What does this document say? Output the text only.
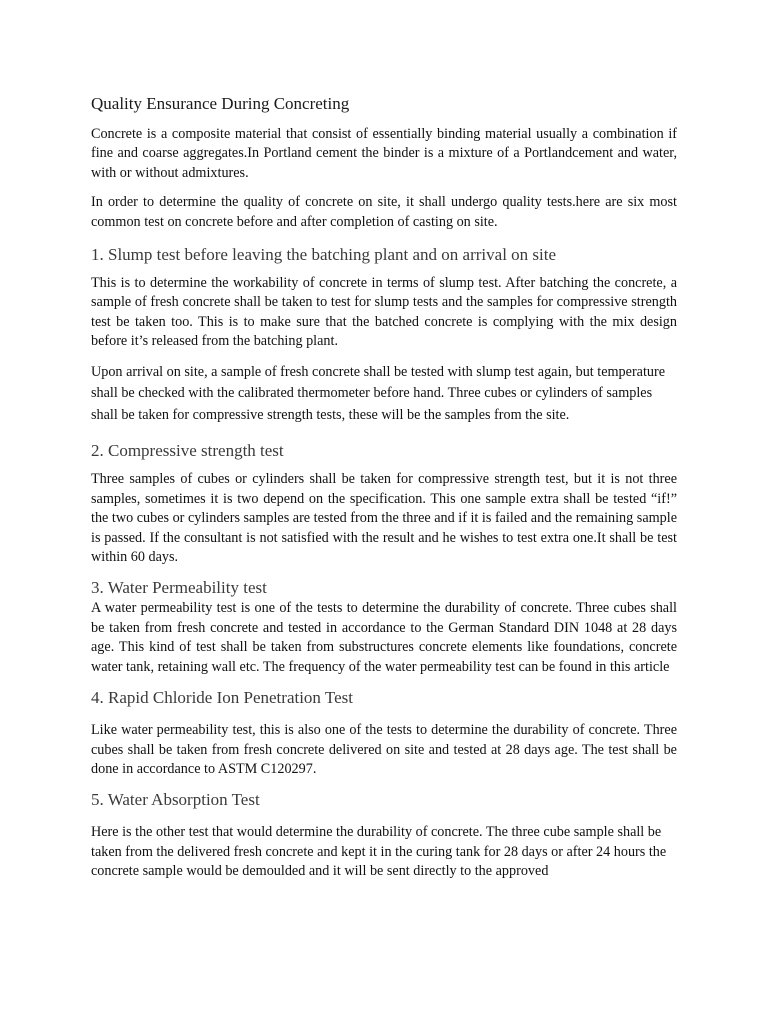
Quality Ensurance During Concreting

Concrete is a composite material that consist of essentially binding material usually a combination if fine and coarse aggregates.In Portland cement the binder is a mixture of a Portlandcement and water, with or without admixtures.

In order to determine the quality of concrete on site, it shall undergo quality tests.here are six most common test on concrete before and after completion of casting on site.

1. Slump test before leaving the batching plant and on arrival on site

This is to determine the workability of concrete in terms of slump test. After batching the concrete, a sample of fresh concrete shall be taken to test for slump tests and the samples for compressive strength test be taken too. This is to make sure that the batched concrete is complying with the mix design before it’s released from the batching plant.

Upon arrival on site, a sample of fresh concrete shall be tested with slump test again, but temperature shall be checked with the calibrated thermometer before hand. Three cubes or cylinders of samples shall be taken for compressive strength tests, these will be the samples from the site.

2. Compressive strength test

Three samples of cubes or cylinders shall be taken for compressive strength test, but it is not three samples, sometimes it is two depend on the specification. This one sample extra shall be tested “if!” the two cubes or cylinders samples are tested from the three and if it is failed and the remaining sample is passed. If the consultant is not satisfied with the result and he wishes to test extra one.It shall be test within 60 days.

3. Water Permeability test

A water permeability test is one of the tests to determine the durability of concrete. Three cubes shall be taken from fresh concrete and tested in accordance to the German Standard DIN 1048 at 28 days age. This kind of test shall be taken from substructures concrete elements like foundations, concrete water tank, retaining wall etc. The frequency of the water permeability test can be found in this article

4. Rapid Chloride Ion Penetration Test

Like water permeability test, this is also one of the tests to determine the durability of concrete. Three cubes shall be taken from fresh concrete delivered on site and tested at 28 days age. The test shall be done in accordance to ASTM C120297.

5. Water Absorption Test

Here is the other test that would determine the durability of concrete. The three cube sample shall be taken from the delivered fresh concrete and kept it in the curing tank for 28 days or after 24 hours the concrete sample would be demoulded and it will be sent directly to the approved
